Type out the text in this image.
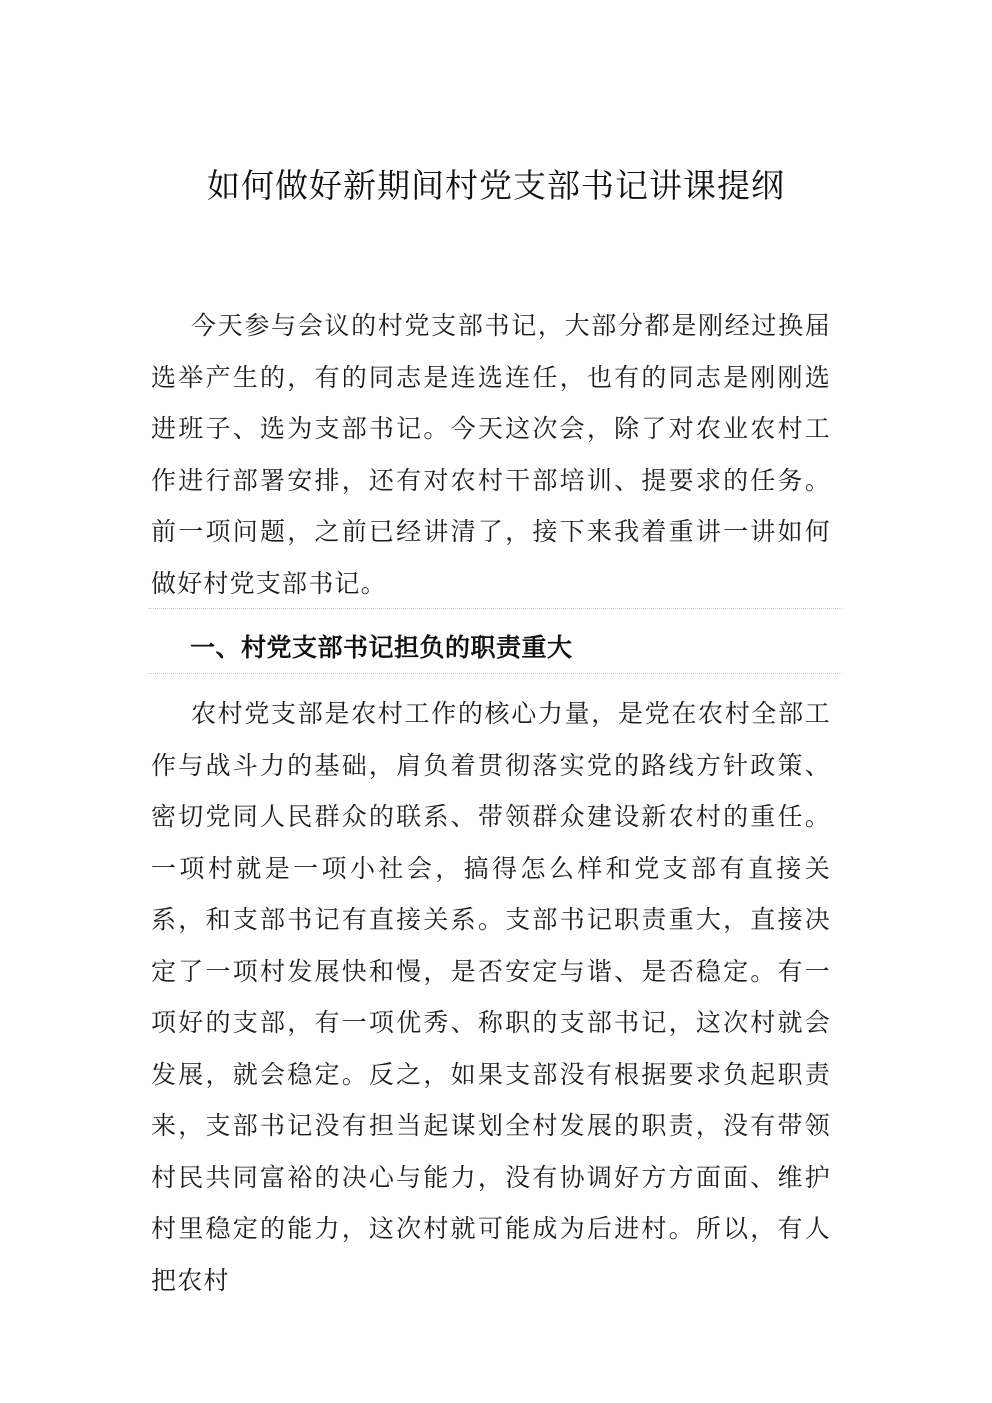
如何做好新期间村党支部书记讲课提纲

今天参与会议的村党支部书记，大部分都是刚经过换届选举产生的，有的同志是连选连任，也有的同志是刚刚选进班子、选为支部书记。今天这次会，除了对农业农村工作进行部署安排，还有对农村干部培训、提要求的任务。前一项问题，之前已经讲清了，接下来我着重讲一讲如何做好村党支部书记。

一、村党支部书记担负的职责重大

农村党支部是农村工作的核心力量，是党在农村全部工作与战斗力的基础，肩负着贯彻落实党的路线方针政策、密切党同人民群众的联系、带领群众建设新农村的重任。一项村就是一项小社会，搞得怎么样和党支部有直接关系，和支部书记有直接关系。支部书记职责重大，直接决定了一项村发展快和慢，是否安定与谐、是否稳定。有一项好的支部，有一项优秀、称职的支部书记，这次村就会发展，就会稳定。反之，如果支部没有根据要求负起职责来，支部书记没有担当起谋划全村发展的职责，没有带领村民共同富裕的决心与能力，没有协调好方方面面、维护村里稳定的能力，这次村就可能成为后进村。所以，有人把农村
